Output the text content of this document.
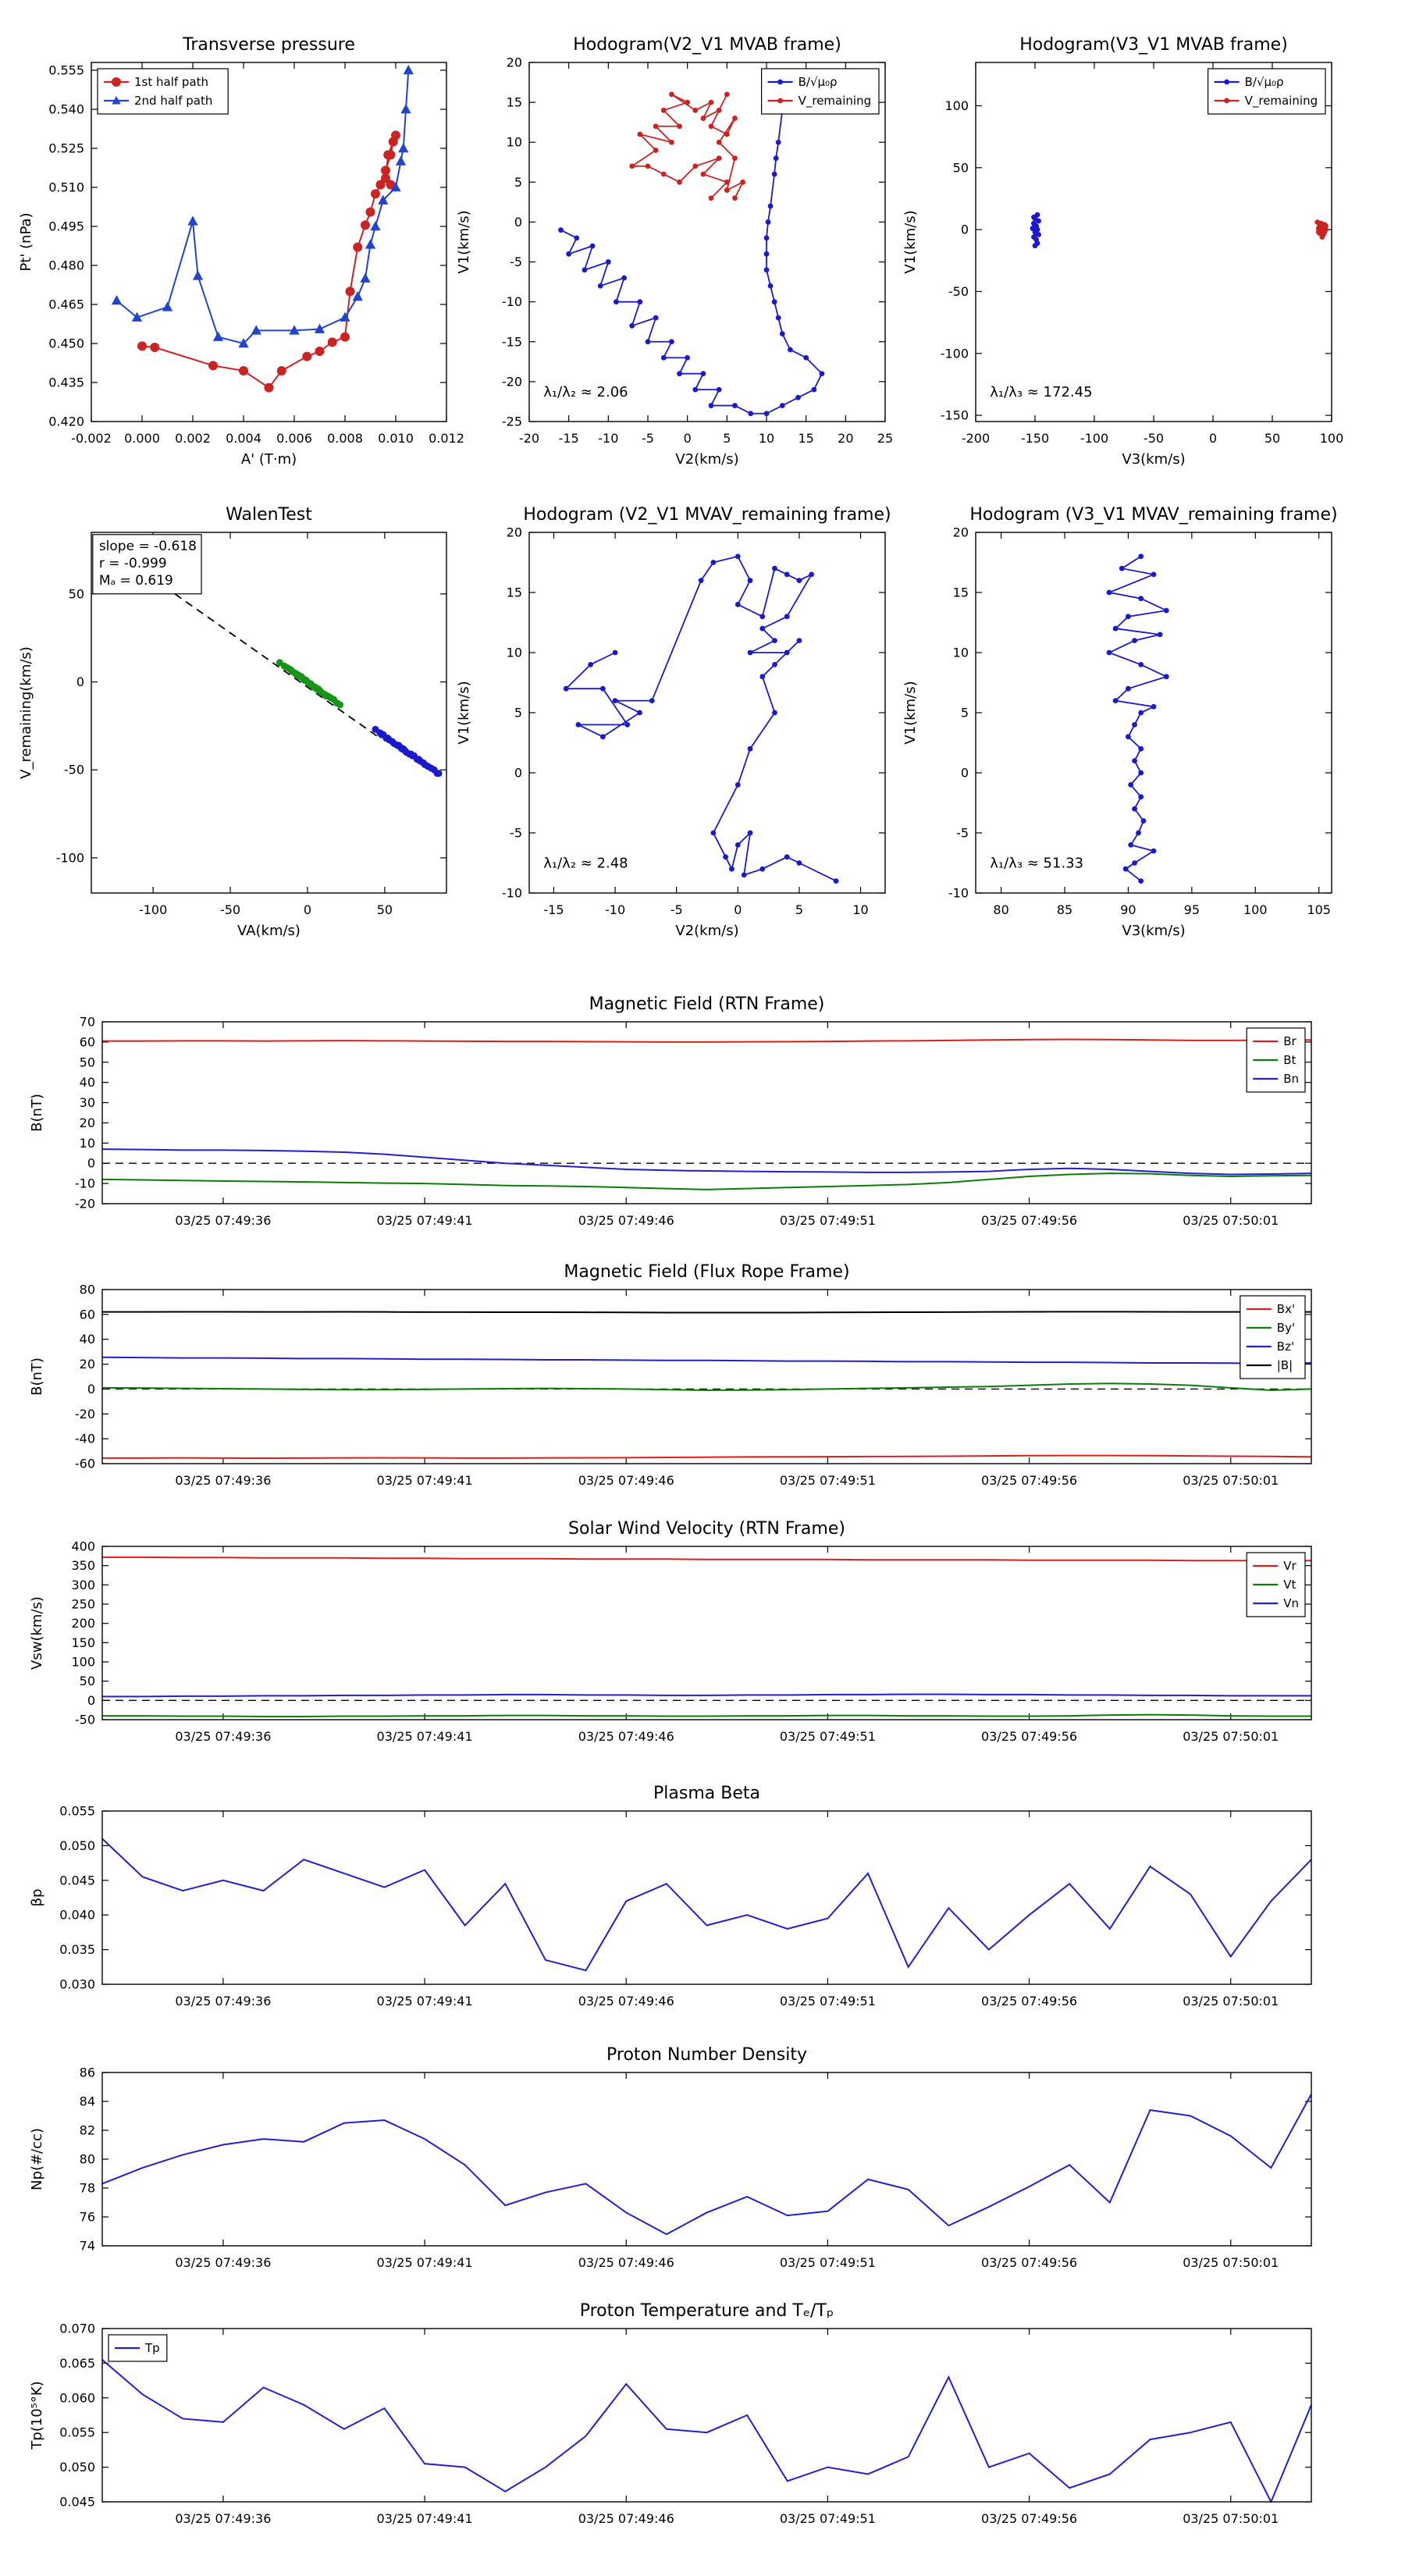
-0.002 0.000 0.002 0.004 0.006 0.008 0.010 0.012
0.420
0.435
0.450
0.465
0.480
0.495
0.510
0.525
0.540
0.555
Transverse pressure
A' (T·m)
Pt' (nPa)
1st half path
2nd half path
-20 -15 -10 -5 0	5 10 15 20 25
-25
-20
-15
-10
-5
0
5
10
15
20
Hodogram(V2_V1 MVAB frame)
V2(km/s)
V1(km/s)
λ₁/λ₂ ≈ 2.06
B/√μ₀ρ
V_remaining
-200 -150 -100	-50	0	50	100
-150
-100
-50
0
50
100
Hodogram(V3_V1 MVAB frame)
V3(km/s)
V1(km/s)
λ₁/λ₃ ≈ 172.45
B/√μ₀ρ
V_remaining
-100	-50	0	50
-100
-50
0
50
WalenTest
VA(km/s)
V_remaining(km/s)
slope = -0.618
r = -0.999
Mₐ = 0.619
-15	-10	-5	0	5	10
-10
-5
0
5
10
15
20
Hodogram (V2_V1 MVAV_remaining frame)
V2(km/s)
V1(km/s)
λ₁/λ₂ ≈ 2.48
80	85	90	95	100	105
-10
-5
0
5
10
15
20
Hodogram (V3_V1 MVAV_remaining frame)
V3(km/s)
V1(km/s)
λ₁/λ₃ ≈ 51.33
03/25 07:49:36	03/25 07:49:41	03/25 07:49:46	03/25 07:49:51	03/25 07:49:56	03/25 07:50:01
-20
-10
0
10
20
30
40
50
60
70
Magnetic Field (RTN Frame)
B(nT)
Br
Bt
Bn
03/25 07:49:36	03/25 07:49:41	03/25 07:49:46	03/25 07:49:51	03/25 07:49:56	03/25 07:50:01
-60
-40
-20
0
20
40
60
80
Magnetic Field (Flux Rope Frame)
B(nT)
Bx'
By'
Bz'
|B|
03/25 07:49:36	03/25 07:49:41	03/25 07:49:46	03/25 07:49:51	03/25 07:49:56	03/25 07:50:01
-50
0
50
100
150
200
250
300
350
400
Solar Wind Velocity (RTN Frame)
Vsw(km/s)
Vr
Vt
Vn
03/25 07:49:36	03/25 07:49:41	03/25 07:49:46	03/25 07:49:51	03/25 07:49:56	03/25 07:50:01
0.030
0.035
0.040
0.045
0.050
0.055
Plasma Beta
βp
03/25 07:49:36	03/25 07:49:41	03/25 07:49:46	03/25 07:49:51	03/25 07:49:56	03/25 07:50:01
74
76
78
80
82
84
86
Proton Number Density
Np(#/cc)
03/25 07:49:36	03/25 07:49:41	03/25 07:49:46	03/25 07:49:51	03/25 07:49:56	03/25 07:50:01
0.045
0.050
0.055
0.060
0.065
0.070
Proton Temperature and Tₑ/Tₚ
Tp(10⁵°K)
Tp
